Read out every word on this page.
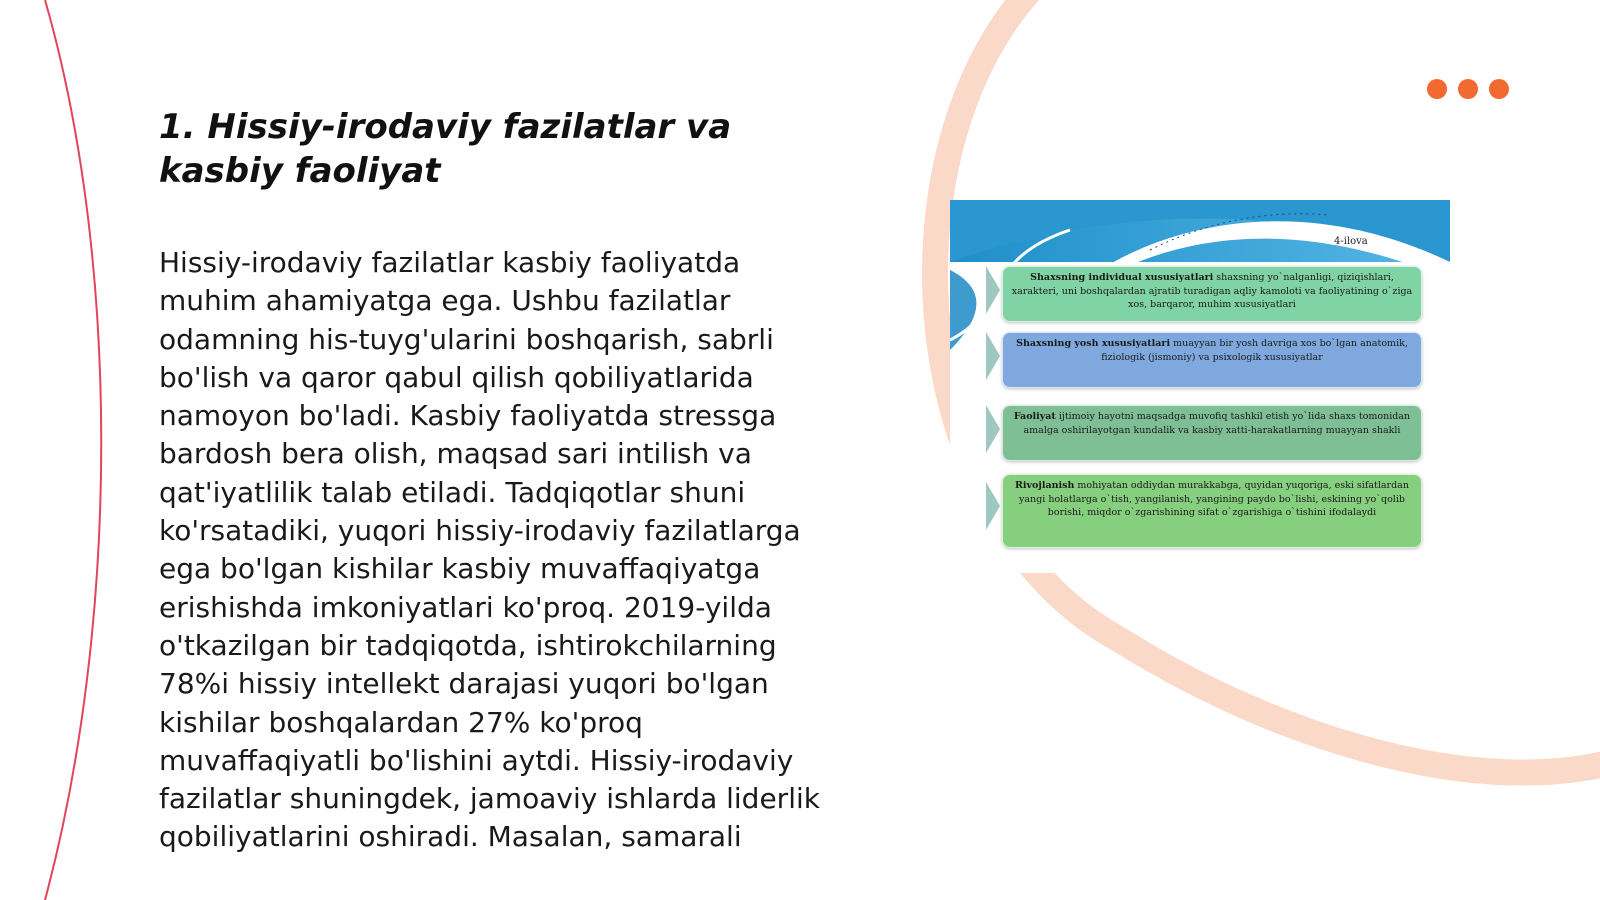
1. Hissiy-irodaviy fazilatlar va kasbiy faoliyat

Hissiy-irodaviy fazilatlar kasbiy faoliyatda muhim ahamiyatga ega. Ushbu fazilatlar odamning his-tuyg'ularini boshqarish, sabrli bo'lish va qaror qabul qilish qobiliyatlarida namoyon bo'ladi. Kasbiy faoliyatda stressga bardosh bera olish, maqsad sari intilish va qat'iyatlilik talab etiladi. Tadqiqotlar shuni ko'rsatadiki, yuqori hissiy-irodaviy fazilatlarga ega bo'lgan kishilar kasbiy muvaffaqiyatga erishishda imkoniyatlari ko'proq. 2019-yilda o'tkazilgan bir tadqiqotda, ishtirokchilarning 78%i hissiy intellekt darajasi yuqori bo'lgan kishilar boshqalardan 27% ko'proq muvaffaqiyatli bo'lishini aytdi. Hissiy-irodaviy fazilatlar shuningdek, jamoaviy ishlarda liderlik qobiliyatlarini oshiradi. Masalan, samarali

4-ilova
Shaxsning individual xususiyatlari shaxsning yo`nalganligi, qiziqishlari, xarakteri, uni boshqalardan ajratib turadigan aqliy kamoloti va faoliyatining o`ziga xos, barqaror, muhim xususiyatlari
Shaxsning yosh xususiyatlari muayyan bir yosh davriga xos bo`lgan anatomik, fiziologik (jismoniy) va psixologik xususiyatlar
Faoliyat ijtimoiy hayotni maqsadga muvofiq tashkil etish yo`lida shaxs tomonidan amalga oshirilayotgan kundalik va kasbiy xatti-harakatlarning muayyan shakli
Rivojlanish mohiyatan oddiydan murakkabga, quyidan yuqoriga, eski sifatlardan yangi holatlarga o`tish, yangilanish, yangining paydo bo`lishi, eskining yo`qolib borishi, miqdor o`zgarishining sifat o`zgarishiga o`tishini ifodalaydi
